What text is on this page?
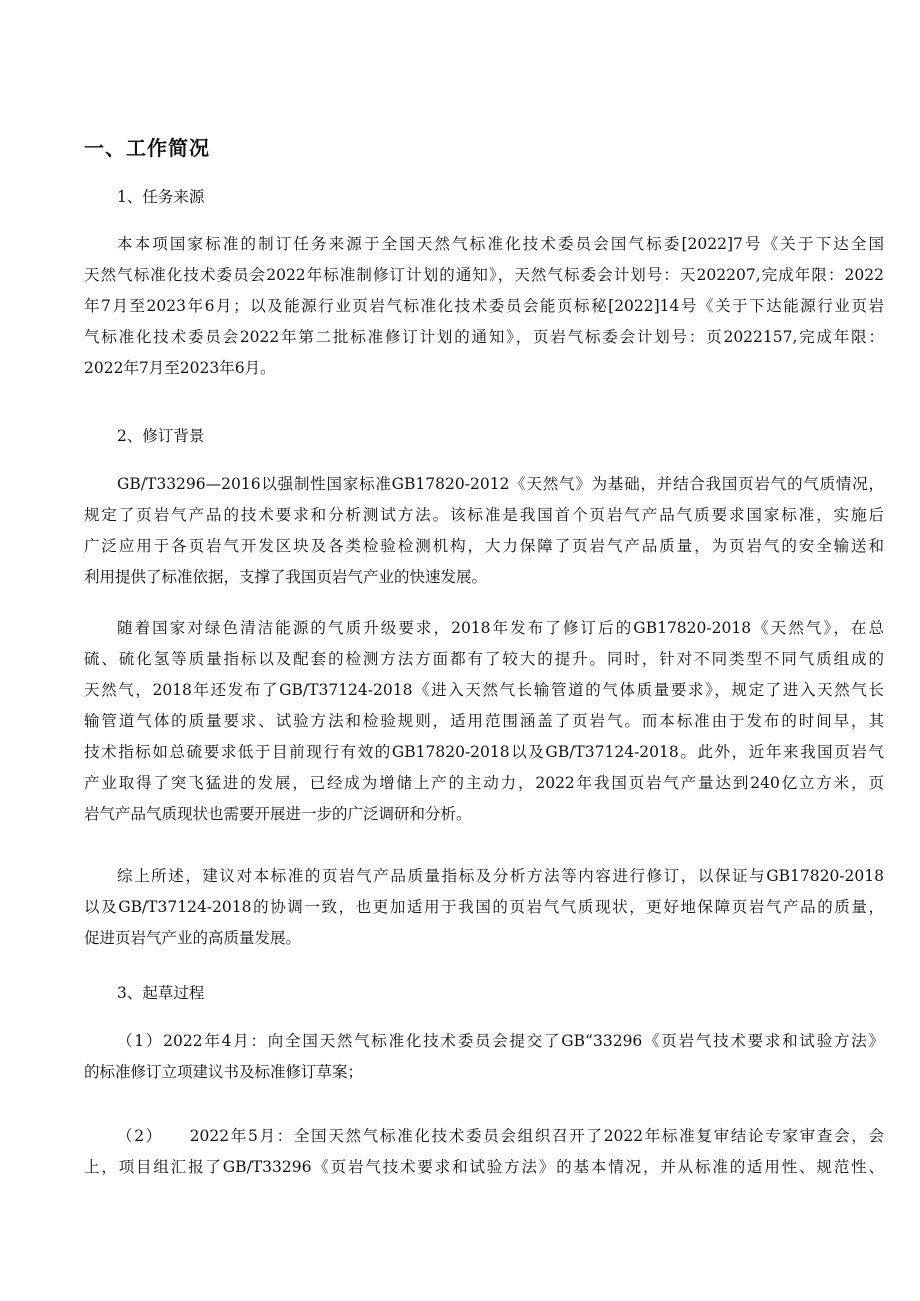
一、工作简况
1、任务来源
本本项国家标准的制订任务来源于全国天然气标准化技术委员会国气标委[2022]7号《关于下达全国
天然气标准化技术委员会2022年标准制修订计划的通知》，天然气标委会计划号：天202207,完成年限：2022
年7月至2023年6月；以及能源行业页岩气标准化技术委员会能页标秘[2022]14号《关于下达能源行业页岩
气标准化技术委员会2022年第二批标准修订计划的通知》，页岩气标委会计划号：页2022157,完成年限：
2022年7月至2023年6月。
2、修订背景
GB/T33296—2016以强制性国家标准GB17820-2012《天然气》为基础，并结合我国页岩气的气质情况，
规定了页岩气产品的技术要求和分析测试方法。该标准是我国首个页岩气产品气质要求国家标准，实施后
广泛应用于各页岩气开发区块及各类检验检测机构，大力保障了页岩气产品质量，为页岩气的安全输送和
利用提供了标准依据，支撑了我国页岩气产业的快速发展。
随着国家对绿色清洁能源的气质升级要求，2018年发布了修订后的GB17820-2018《天然气》，在总
硫、硫化氢等质量指标以及配套的检测方法方面都有了较大的提升。同时，针对不同类型不同气质组成的
天然气，2018年还发布了GB/T37124-2018《进入天然气长输管道的气体质量要求》，规定了进入天然气长
输管道气体的质量要求、试验方法和检验规则，适用范围涵盖了页岩气。而本标准由于发布的时间早，其
技术指标如总硫要求低于目前现行有效的GB17820-2018以及GB/T37124-2018。此外，近年来我国页岩气
产业取得了突飞猛进的发展，已经成为增储上产的主动力，2022年我国页岩气产量达到240亿立方米，页
岩气产品气质现状也需要开展进一步的广泛调研和分析。
综上所述，建议对本标准的页岩气产品质量指标及分析方法等内容进行修订，以保证与GB17820-2018
以及GB/T37124-2018的协调一致，也更加适用于我国的页岩气气质现状，更好地保障页岩气产品的质量，
促进页岩气产业的高质量发展。
3、起草过程
（1）2022年4月：向全国天然气标准化技术委员会提交了GB“33296《页岩气技术要求和试验方法》
的标准修订立项建议书及标准修订草案；
（2）　　2022年5月：全国天然气标准化技术委员会组织召开了2022年标准复审结论专家审查会，会
上，项目组汇报了GB/T33296《页岩气技术要求和试验方法》的基本情况，并从标准的适用性、规范性、
